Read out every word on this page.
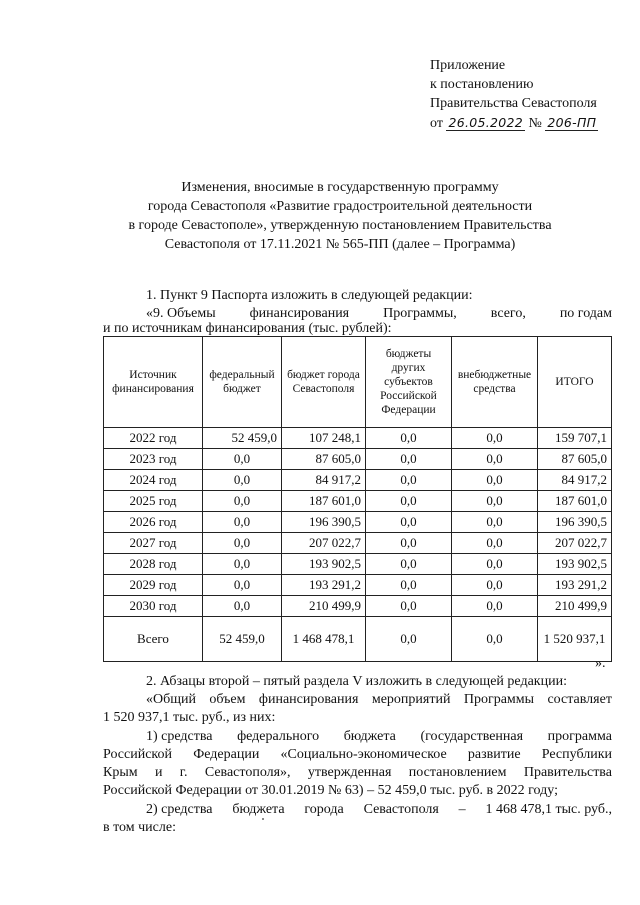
Приложение
к постановлению
Правительства Севастополя
от 26.05.2022 № 206-ПП
Изменения, вносимые в государственную программу
города Севастополя «Развитие градостроительной деятельности
в городе Севастополе», утвержденную постановлением Правительства
Севастополя от 17.11.2021 № 565-ПП (далее – Программа)
1. Пункт 9 Паспорта изложить в следующей редакции:
«9. Объемы финансирования Программы, всего, по годам
и по источникам финансирования (тыс. рублей):
Источник финансирования	федеральный бюджет	бюджет города Севастополя	бюджеты других субъектов Российской Федерации	внебюджетные средства	ИТОГО
2022 год	52 459,0	107 248,1	0,0	0,0	159 707,1
2023 год	0,0	87 605,0	0,0	0,0	87 605,0
2024 год	0,0	84 917,2	0,0	0,0	84 917,2
2025 год	0,0	187 601,0	0,0	0,0	187 601,0
2026 год	0,0	196 390,5	0,0	0,0	196 390,5
2027 год	0,0	207 022,7	0,0	0,0	207 022,7
2028 год	0,0	193 902,5	0,0	0,0	193 902,5
2029 год	0,0	193 291,2	0,0	0,0	193 291,2
2030 год	0,0	210 499,9	0,0	0,0	210 499,9
Всего	52 459,0	1 468 478,1	0,0	0,0	1 520 937,1
».
2. Абзацы второй – пятый раздела V изложить в следующей редакции:
«Общий объем финансирования мероприятий Программы составляет
1 520 937,1 тыс. руб., из них:
1) средства федерального бюджета (государственная программа
Российской Федерации «Социально-экономическое развитие Республики
Крым и г. Севастополя», утвержденная постановлением Правительства
Российской Федерации от 30.01.2019 № 63) – 52 459,0 тыс. руб. в 2022 году;
2) средства бюджета города Севастополя – 1 468 478,1 тыс. руб.,
в том числе:
